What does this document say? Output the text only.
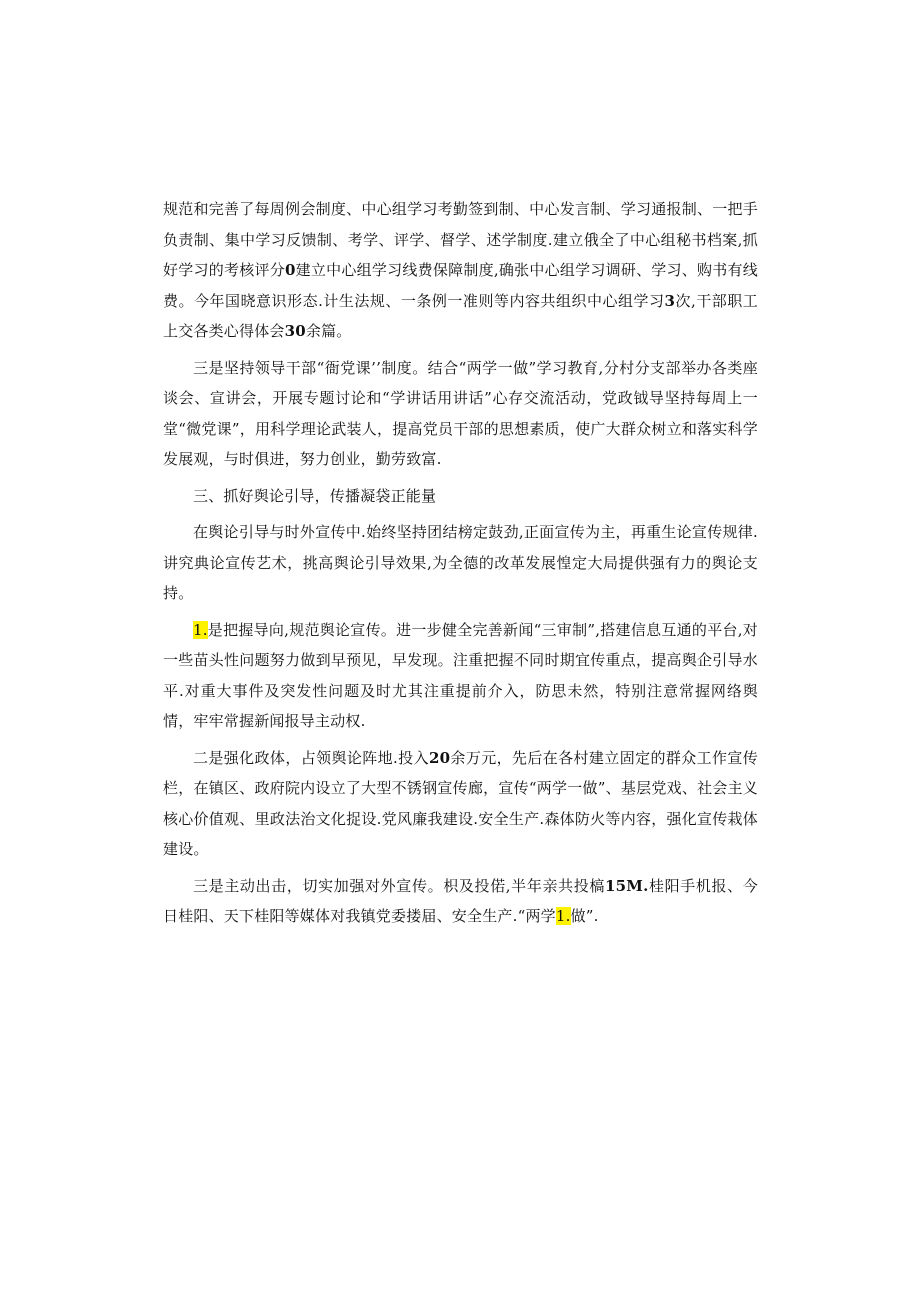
规范和完善了每周例会制度、中心组学习考勤签到制、中心发言制、学习通报制、一把手负责制、集中学习反馈制、考学、评学、督学、述学制度.建立俄全了中心组秘书档案,抓好学习的考核评分0建立中心组学习线费保障制度,确张中心组学习调研、学习、购书有线费。今年国晓意识形态.计生法规、一条例一准则等内容共组织中心组学习3次,干部职工上交各类心得体会30余篇。

三是坚持领导干部“衙党课’’制度。结合“两学一做”学习教育,分村分支部举办各类座谈会、宣讲会，开展专题讨论和“学讲话用讲话”心存交流活动，党政钺导坚持每周上一堂“微党课”，用科学理论武装人，提高党员干部的思想素质，使广大群众树立和落实科学发展观，与时俱进，努力创业，勤劳致富.

三、抓好舆论引导，传播凝袋正能量

在舆论引导与时外宣传中.始终坚持团结榜定鼓劲,正面宣传为主，再重生论宣传规律.讲究典论宣传艺术，挑高舆论引导效果,为全德的改革发展惶定大局提供强有力的舆论支持。

1.是把握导向,规范舆论宣传。进一步健全完善新闻“三审制”,搭建信息互通的平台,对一些苗头性问题努力做到早预见，早发现。注重把握不同时期宜传重点，提高舆企引导水平.对重大事件及突发性问题及时尤其注重提前介入，防思未然，特别注意常握网络舆情，牢牢常握新闻报导主动权.

二是强化政体，占领舆论阵地.投入20余万元，先后在各村建立固定的群众工作宣传栏，在镇区、政府院内设立了大型不锈钢宣传廊，宣传“两学一做”、基层党戏、社会主义核心价值观、里政法治文化捉设.党风廉我建设.安全生产.森体防火等内容，强化宣传栽体建设。

三是主动出击，切实加强对外宣传。枳及投偌,半年亲共投槁15M.桂阳手机报、今日桂阳、天下桂阳等媒体对我镇党委搂届、安全生产.“两学1.做”.
